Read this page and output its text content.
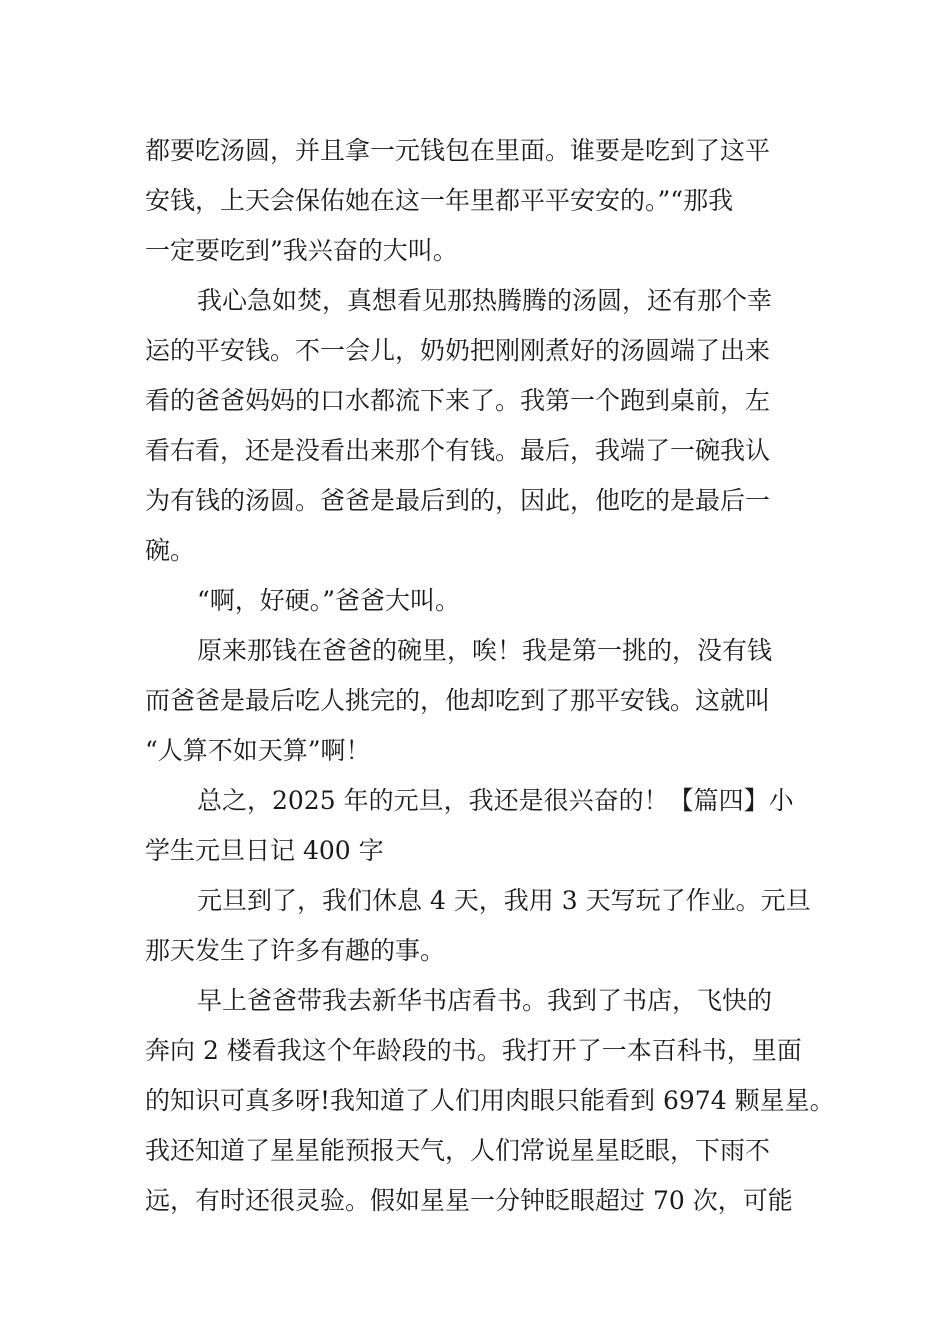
都要吃汤圆，并且拿一元钱包在里面。谁要是吃到了这平
安钱，上天会保佑她在这一年里都平平安安的。”“那我
一定要吃到”我兴奋的大叫。
我心急如焚，真想看见那热腾腾的汤圆，还有那个幸
运的平安钱。不一会儿，奶奶把刚刚煮好的汤圆端了出来
看的爸爸妈妈的口水都流下来了。我第一个跑到桌前，左
看右看，还是没看出来那个有钱。最后，我端了一碗我认
为有钱的汤圆。爸爸是最后到的，因此，他吃的是最后一
碗。
“啊，好硬。”爸爸大叫。
原来那钱在爸爸的碗里，唉！我是第一挑的，没有钱
而爸爸是最后吃人挑完的，他却吃到了那平安钱。这就叫
“人算不如天算”啊！
总之，2025 年的元旦，我还是很兴奋的！【篇四】小
学生元旦日记 400 字
元旦到了，我们休息 4 天，我用 3 天写玩了作业。元旦
那天发生了许多有趣的事。
早上爸爸带我去新华书店看书。我到了书店，飞快的
奔向 2 楼看我这个年龄段的书。我打开了一本百科书，里面
的知识可真多呀!我知道了人们用肉眼只能看到 6974 颗星星。
我还知道了星星能预报天气，人们常说星星眨眼，下雨不
远，有时还很灵验。假如星星一分钟眨眼超过 70 次，可能
